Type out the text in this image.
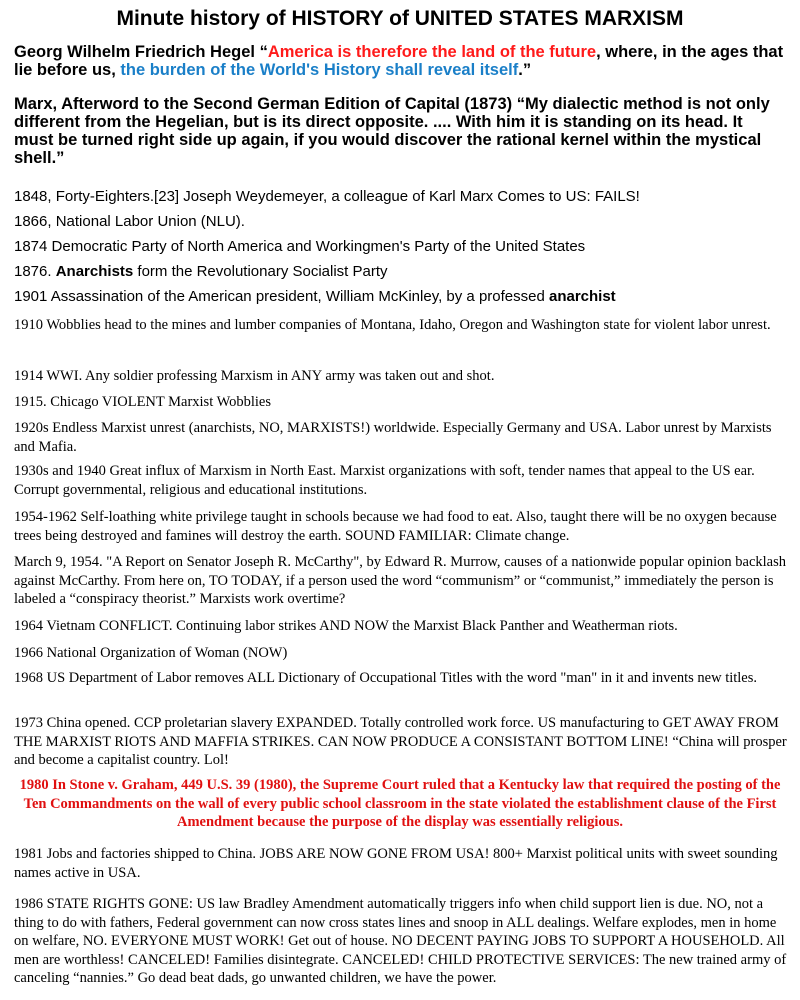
Minute history of HISTORY of UNITED STATES MARXISM
Georg Wilhelm Friedrich Hegel “America is therefore the land of the future, where, in the ages that lie before us, the burden of the World's History shall reveal itself.”
Marx, Afterword to the Second German Edition of Capital (1873) “My dialectic method is not only different from the Hegelian, but is its direct opposite. .... With him it is standing on its head. It must be turned right side up again, if you would discover the rational kernel within the mystical shell.”
1848, Forty-Eighters.[23] Joseph Weydemeyer, a colleague of Karl Marx Comes to US: FAILS!
1866, National Labor Union (NLU).
1874 Democratic Party of North America and Workingmen's Party of the United States
1876. Anarchists form the Revolutionary Socialist Party
1901 Assassination of the American president, William McKinley, by a professed anarchist
1910 Wobblies head to the mines and lumber companies of Montana, Idaho, Oregon and Washington state for violent labor unrest.
1914 WWI. Any soldier professing Marxism in ANY army was taken out and shot.
1915. Chicago VIOLENT Marxist Wobblies
1920s Endless Marxist unrest (anarchists, NO, MARXISTS!) worldwide. Especially Germany and USA. Labor unrest by Marxists and Mafia.
1930s and 1940 Great influx of Marxism in North East. Marxist organizations with soft, tender names that appeal to the US ear. Corrupt governmental, religious and educational institutions.
1954-1962 Self-loathing white privilege taught in schools because we had food to eat. Also, taught there will be no oxygen because trees being destroyed and famines will destroy the earth. SOUND FAMILIAR: Climate change.
March 9, 1954. "A Report on Senator Joseph R. McCarthy", by Edward R. Murrow, causes of a nationwide popular opinion backlash against McCarthy. From here on, TO TODAY, if a person used the word “communism” or “communist,” immediately the person is labeled a “conspiracy theorist.” Marxists work overtime?
1964 Vietnam CONFLICT. Continuing labor strikes AND NOW the Marxist Black Panther and Weatherman riots.
1966 National Organization of Woman (NOW)
1968 US Department of Labor removes ALL Dictionary of Occupational Titles with the word "man" in it and invents new titles.
1973 China opened. CCP proletarian slavery EXPANDED. Totally controlled work force. US manufacturing to GET AWAY FROM THE MARXIST RIOTS AND MAFFIA STRIKES. CAN NOW PRODUCE A CONSISTANT BOTTOM LINE! “China will prosper and become a capitalist country. Lol!
1980 In Stone v. Graham, 449 U.S. 39 (1980), the Supreme Court ruled that a Kentucky law that required the posting of the Ten Commandments on the wall of every public school classroom in the state violated the establishment clause of the First Amendment because the purpose of the display was essentially religious.
1981 Jobs and factories shipped to China. JOBS ARE NOW GONE FROM USA! 800+ Marxist political units with sweet sounding names active in USA.
1986 STATE RIGHTS GONE: US law Bradley Amendment automatically triggers info when child support lien is due. NO, not a thing to do with fathers, Federal government can now cross states lines and snoop in ALL dealings. Welfare explodes, men in home on welfare, NO. EVERYONE MUST WORK! Get out of house. NO DECENT PAYING JOBS TO SUPPORT A HOUSEHOLD. All men are worthless! CANCELED! Families disintegrate. CANCELED! CHILD PROTECTIVE SERVICES: The new trained army of canceling “nannies.” Go dead beat dads, go unwanted children, we have the power.
